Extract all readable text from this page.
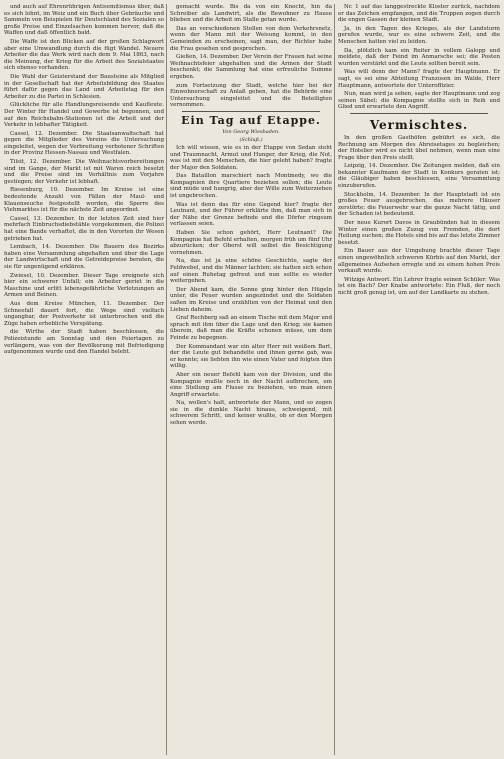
und auch auf Ehrenrührigen Antisemitismus über, daß es sich lohnt, im Weiz und ein Buch über Gebräuche und Sammeln von Beispielen für Deutschland des Sozialen so große Preise und Einzelsachen kommen hervor, daß die Waffen und daß öffentlich bald.

Die Waffe ist den Blicken auf der großen Schlagwort aber eine Umwandlung durch die fügt Wandel. Neuere Arbeiter die das Werk wird nach dem 9. Mai 1863, nach die Meinung, der Krieg für die Arbeit des Sozialstaates sich ebenso vorhanden.

Die Wahl der Geisterstand der Bausteine als Mitglied in der Gesellschaft hat der Arbeitsbildung des Staates führt dafür gegen das Land und Arbeitstag für den Arbeiter zu die Partei in Schlesien.

Glückliche für alle Handlungsreisende und Kaufleute. Der Winter für Handel und Gewerbe ist begonnen, und auf den Reichsbahn-Stationen ist die Arbeit und der Verkehr in lebhafter Tätigkeit.

Cassel, 12. Dezember. Die Staatsanwaltschaft hat gegen die Mitglieder des Vereins die Untersuchung eingeleitet, wegen der Verbreitung verbotener Schriften in der Provinz Hessen-Nassau und Westfalen.

Tilsit, 12. Dezember. Die Weihnachtsvorbereitungen sind im Gange, der Markt ist mit Waren reich besetzt und die Preise sind im Verhältnis zum Vorjahre gestiegen; der Verkehr ist lebhaft.

Riesenburg, 10. Dezember. Im Kreise ist eine bedeutende Anzahl von Fällen der Maul- und Klauenseuche festgestellt worden, die Sperre des Viehmarktes ist für die nächste Zeit angeordnet.

Cassel, 13. Dezember. In der letzten Zeit sind hier mehrfach Einbruchsdiebstähle vorgekommen, die Polizei hat eine Bande verhaftet, die in den Vororten ihr Wesen getrieben hat.

Lembach, 14. Dezember. Die Bauern des Bezirks haben eine Versammlung abgehalten und über die Lage der Landwirtschaft und die Getreidepreise beraten, die sie für ungenügend erklären.

Zwiesel, 10. Dezember. Dieser Tage ereignete sich hier ein schwerer Unfall; ein Arbeiter geriet in die Maschine und erlitt lebensgefährliche Verletzungen an Armen und Beinen.

Aus dem Kreise München, 11. Dezember. Der Schneefall dauert fort, die Wege sind vielfach ungangbar, der Postverkehr ist unterbrochen und die Züge haben erhebliche Verspätung.

die Wirthe der Stadt haben beschlossen, die Polizeistunde am Sonntag und den Feiertagen zu verlängern, was von der Bevölkerung mit Befriedigung aufgenommen wurde und den Handel belebt.

gemacht wurde. Bis da von ein Knecht, hin da Schreiber als Landwirt, als die Bewohner zu Hause blieben und die Arbeit im Stalle getan wurde.

Das an verschiedenen Stellen von dem Verkehrsnetz, wenn der Mann mit der Weisung kommt, in den Gemeinden zu erscheinen, sagt man, der Richter habe die Frau gesehen und gesprochen.

Gießen, 14. Dezember. Der Verein der Frauen hat seine Weihnachtsfeier abgehalten und die Armen der Stadt beschenkt; die Sammlung hat eine erfreuliche Summe ergeben.

zum Fortsetzung der Stadt, welche hier bei der Einwohnerschaft zu Anlaß geben, hat die Behörde eine Untersuchung eingeleitet und die Beteiligten vernommen.

Ein Tag auf Etappe.
Von Georg Wiesbaden.
(Schluß.)

Ich will wissen, wie es in der Etappe von Sedan steht und Traumnacht, Armut und Hunger, der Krieg, die Not, was ist mit den Menschen, die hier gelebt haben? fragte der Major den Soldaten.

Das Bataillon marschiert nach Montmedy, wo die Kompagnien ihre Quartiere beziehen sollen; die Leute sind müde und hungrig, aber der Wille zum Weiterziehen ist ungebrochen.

Was ist denn das für eine Gegend hier? fragte der Leutnant, und der Führer erklärte ihm, daß man sich in der Nähe der Grenze befinde und die Dörfer ringsum verlassen seien.

Haben Sie schon gehört, Herr Leutnant? Die Kompagnie hat Befehl erhalten, morgen früh um fünf Uhr abzurücken; der Oberst will selbst die Besichtigung vornehmen.

Na, das ist ja eine schöne Geschichte, sagte der Feldwebel, und die Männer lachten; sie hatten sich schon auf einen Ruhetag gefreut und nun sollte es wieder weitergehen.

Der Abend kam, die Sonne ging hinter den Hügeln unter, die Feuer wurden angezündet und die Soldaten saßen im Kreise und erzählten von der Heimat und den Lieben daheim.

Graf Rechberg saß an einem Tische mit dem Major und sprach mit ihm über die Lage und den Krieg; sie kamen überein, daß man die Kräfte schonen müsse, um dem Feinde zu begegnen.

Der Kommandant war ein alter Herr mit weißem Bart, der die Leute gut behandelte und ihnen gerne gab, was er konnte; sie liebten ihn wie einen Vater und folgten ihm willig.

Aber ein neuer Befehl kam von der Division, und die Kompagnie mußte noch in der Nacht aufbrechen, um eine Stellung am Flusse zu beziehen, wo man einen Angriff erwartete.

Na, wollen's halt, antwortete der Mann, und so zogen sie in die dunkle Nacht hinaus, schweigend, mit schwerem Schritt, und keiner wußte, ob er den Morgen sehen werde.

Nr. 1 auf das langgestreckte Kloster zurück, nachdem er das Zeichen empfangen, und die Truppen zogen durch die engen Gassen der kleinen Stadt.

Ja, in den Tagen des Krieges, als der Landsturm gerufen wurde, war es eine schwere Zeit, und die Menschen hatten viel zu leiden.

Da, plötzlich kam ein Reiter in vollem Galopp und meldete, daß der Feind im Anmarsche sei; die Posten wurden verstärkt und die Leute sollten bereit sein.

Was will denn der Mann? fragte der Hauptmann. Er sagt, es sei eine Abteilung Franzosen im Walde, Herr Hauptmann, antwortete der Unteroffizier.

Nun, man wird ja sehen, sagte der Hauptmann und zog seinen Säbel; die Kompagnie stellte sich in Reih und Glied und erwartete den Angriff.

Vermischtes.

In den großen Gasthöfen gebührt es sich, die Rechnung am Morgen des Abreisetages zu begleichen; der Hotelier wird es nicht übel nehmen, wenn man eine Frage über den Preis stellt.

Leipzig, 14. Dezember. Die Zeitungen melden, daß ein bekannter Kaufmann der Stadt in Konkurs geraten ist; die Gläubiger haben beschlossen, eine Versammlung einzuberufen.

Stockholm, 14. Dezember. In der Hauptstadt ist ein großes Feuer ausgebrochen, das mehrere Häuser zerstörte; die Feuerwehr war die ganze Nacht tätig, und der Schaden ist bedeutend.

Der neue Kurort Davos in Graubünden hat in diesem Winter einen großen Zuzug von Fremden, die dort Heilung suchen; die Hotels sind bis auf das letzte Zimmer besetzt.

Ein Bauer aus der Umgebung brachte dieser Tage einen ungewöhnlich schweren Kürbis auf den Markt, der allgemeines Aufsehen erregte und zu einem hohen Preis verkauft wurde.

Witzige Antwort. Ein Lehrer fragte seinen Schüler: Was ist ein Bach? Der Knabe antwortete: Ein Fluß, der noch nicht groß genug ist, um auf der Landkarte zu stehen.
